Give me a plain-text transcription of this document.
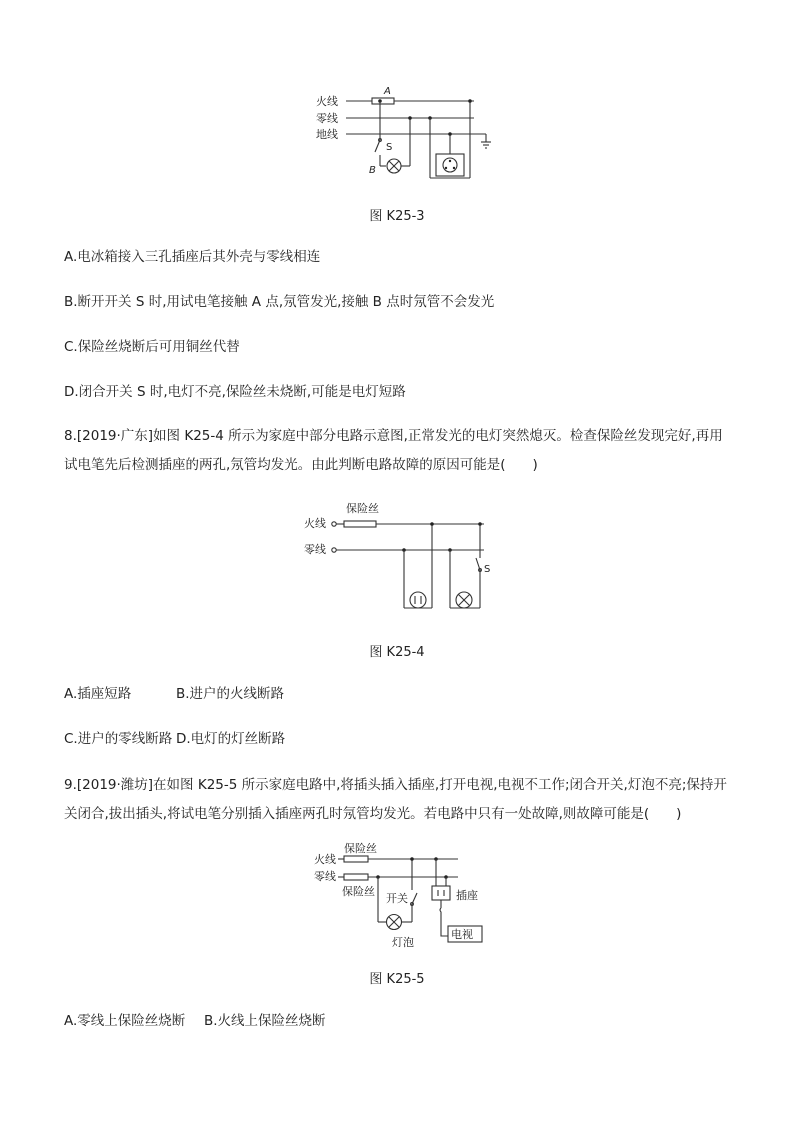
火线
零线
地线
A
S
B
图 K25-3
A.电冰箱接入三孔插座后其外壳与零线相连
B.断开开关 S 时,用试电笔接触 A 点,氖管发光,接触 B 点时氖管不会发光
C.保险丝烧断后可用铜丝代替
D.闭合开关 S 时,电灯不亮,保险丝未烧断,可能是电灯短路
8.[2019·广东]如图 K25-4 所示为家庭中部分电路示意图,正常发光的电灯突然熄灭。检查保险丝发现完好,再用试电笔先后检测插座的两孔,氖管均发光。由此判断电路故障的原因可能是(　　)
保险丝
火线
零线
S
图 K25-4
A.插座短路	B.进户的火线断路
C.进户的零线断路 D.电灯的灯丝断路
9.[2019·潍坊]在如图 K25-5 所示家庭电路中,将插头插入插座,打开电视,电视不工作;闭合开关,灯泡不亮;保持开关闭合,拔出插头,将试电笔分别插入插座两孔时氖管均发光。若电路中只有一处故障,则故障可能是(　　)
保险丝
火线
零线
保险丝
开关
灯泡
插座
电视
图 K25-5
A.零线上保险丝烧断 B.火线上保险丝烧断
